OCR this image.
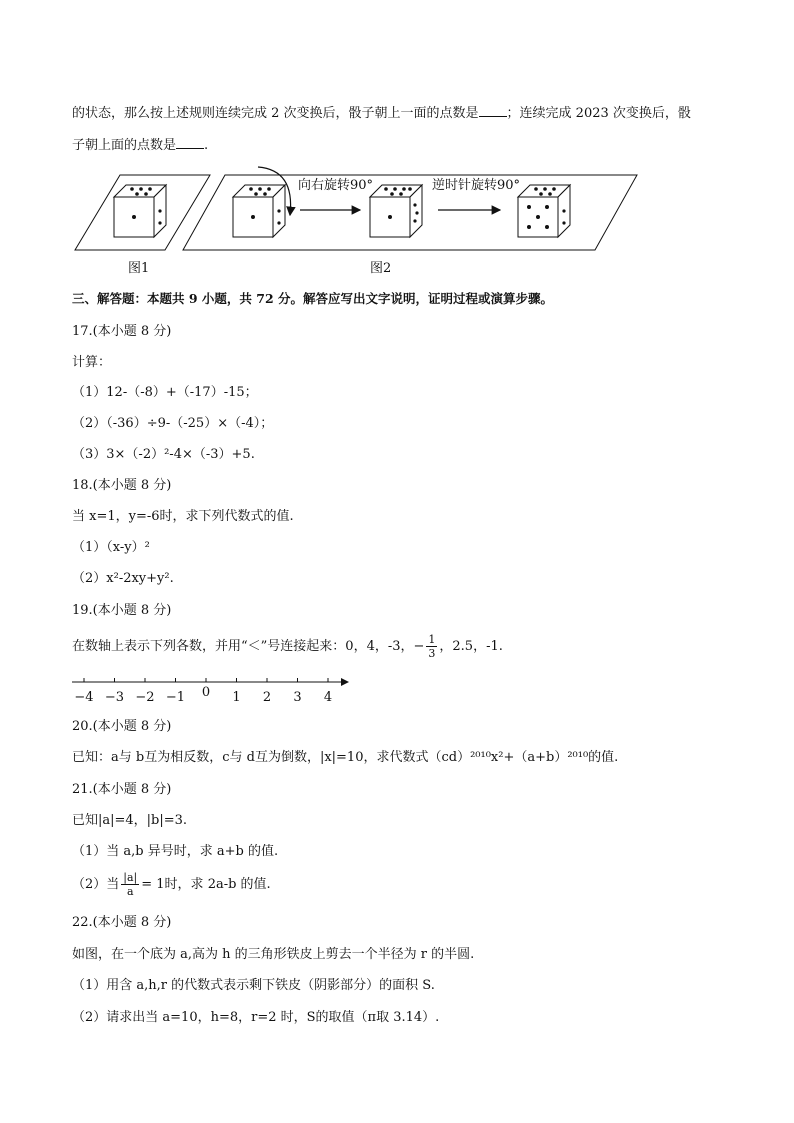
的状态，那么按上述规则连续完成 2 次变换后，骰子朝上一面的点数是 ；连续完成 2023 次变换后，骰
子朝上面的点数是 .
图1
向右旋转90°	逆时针旋转90°
图2
三、解答题：本题共 9 小题，共 72 分。解答应写出文字说明，证明过程或演算步骤。
17.(本小题 8 分)
计算：
（1）12-（-8）+（-17）-15；
（2）（-36）÷9-（-25）×（-4）；
（3）3×（-2）²-4×（-3）+5.
18.(本小题 8 分)
当 x=1，y=-6时，求下列代数式的值.
（1）（x-y）²
（2）x²-2xy+y².
19.(本小题 8 分)
在数轴上表示下列各数，并用“＜”号连接起来：0，4，-3，− $\frac{1}{3}$ ，2.5，-1.
−4 −3 −2 −1 0 1 2 3 4
20.(本小题 8 分)
已知：a与 b互为相反数，c与 d互为倒数，|x|=10，求代数式（cd）²⁰¹⁰x²+（a+b）²⁰¹⁰的值.
21.(本小题 8 分)
已知|a|=4，|b|=3.
（1）当 a,b 异号时，求 a+b 的值.
（2）当 $\frac{|a|}{a} = 1$时，求 2a-b 的值.
22.(本小题 8 分)
如图，在一个底为 a,高为 h 的三角形铁皮上剪去一个半径为 r 的半圆.
（1）用含 a,h,r 的代数式表示剩下铁皮（阴影部分）的面积 S.
（2）请求出当 a=10，h=8，r=2 时，S的取值（π取 3.14）.
